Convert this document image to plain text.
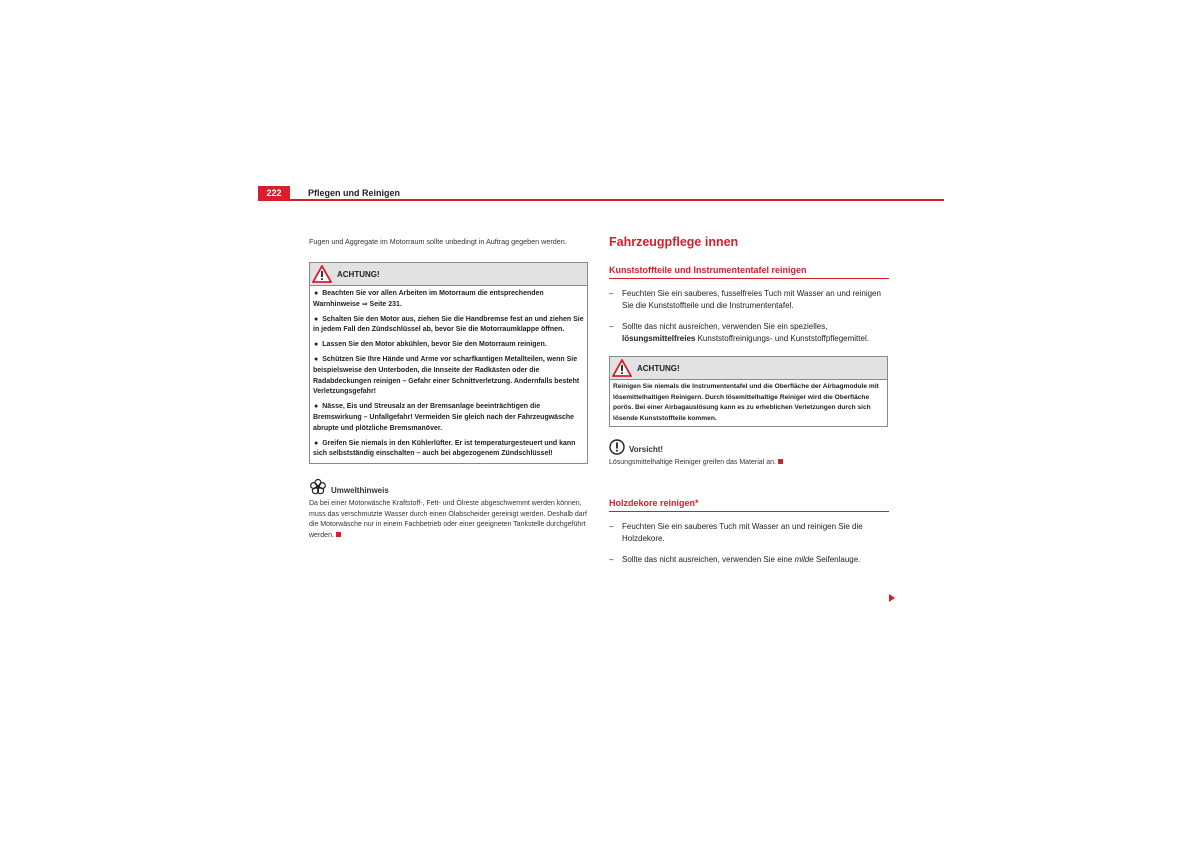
222	Pflegen und Reinigen

Fugen und Aggregate im Motorraum sollte unbedingt in Auftrag gegeben werden.

ACHTUNG!
● Beachten Sie vor allen Arbeiten im Motorraum die entsprechenden Warnhinweise ⇒ Seite 231.
● Schalten Sie den Motor aus, ziehen Sie die Handbremse fest an und ziehen Sie in jedem Fall den Zündschlüssel ab, bevor Sie die Motorraumklappe öffnen.
● Lassen Sie den Motor abkühlen, bevor Sie den Motorraum reinigen.
● Schützen Sie Ihre Hände und Arme vor scharfkantigen Metallteilen, wenn Sie beispielsweise den Unterboden, die Innseite der Radkästen oder die Radabdeckungen reinigen – Gefahr einer Schnittverletzung. Andernfalls besteht Verletzungsgefahr!
● Nässe, Eis und Streusalz an der Bremsanlage beeinträchtigen die Bremswirkung – Unfallgefahr! Vermeiden Sie gleich nach der Fahrzeugwäsche abrupte und plötzliche Bremsmanöver.
● Greifen Sie niemals in den Kühlerlüfter. Er ist temperaturgesteuert und kann sich selbstständig einschalten – auch bei abgezogenem Zündschlüssel!
Umwelthinweis

Da bei einer Motorwäsche Kraftstoff-, Fett- und Ölreste abgeschwemmt werden können, muss das verschmutzte Wasser durch einen Ölabscheider gereinigt werden. Deshalb darf die Motorwäsche nur in einem Fachbetrieb oder einer geeigneten Tankstelle durchgeführt werden.

Fahrzeugpflege innen
Kunststoffteile und Instrumententafel reinigen
–	Feuchten Sie ein sauberes, fusselfreies Tuch mit Wasser an und reinigen Sie die Kunststoffteile und die Instrumententafel.
–	Sollte das nicht ausreichen, verwenden Sie ein spezielles,
lösungsmittelfreies Kunststoffreinigungs- und Kunststoffpflegemittel.
ACHTUNG!
Reinigen Sie niemals die Instrumententafel und die Oberfläche der Airbagmodule mit lösemittelhaltigen Reinigern. Durch lösemittelhaltige Reiniger wird die Oberfläche porös. Bei einer Airbagauslösung kann es zu erheblichen Verletzungen durch sich lösende Kunststoffteile kommen.
Vorsicht!
Lösungsmittelhaltige Reiniger greifen das Material an.
Holzdekore reinigen*
–	Feuchten Sie ein sauberes Tuch mit Wasser an und reinigen Sie die Holzdekore.
–	Sollte das nicht ausreichen, verwenden Sie eine milde Seifenlauge.
